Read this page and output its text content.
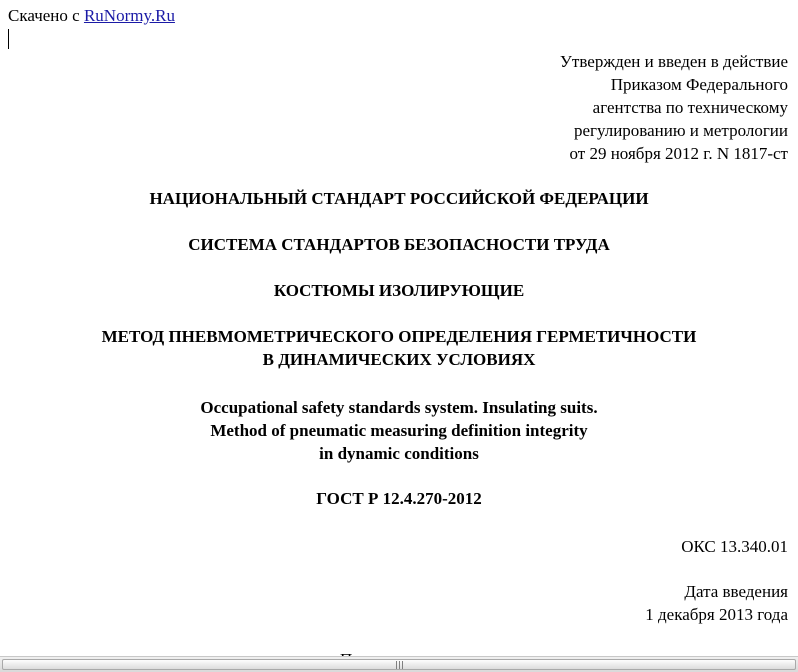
Скачено с RuNormy.Ru
Утвержден и введен в действие
Приказом Федерального
агентства по техническому
регулированию и метрологии
от 29 ноября 2012 г. N 1817-ст
НАЦИОНАЛЬНЫЙ СТАНДАРТ РОССИЙСКОЙ ФЕДЕРАЦИИ
СИСТЕМА СТАНДАРТОВ БЕЗОПАСНОСТИ ТРУДА
КОСТЮМЫ ИЗОЛИРУЮЩИЕ
МЕТОД ПНЕВМОМЕТРИЧЕСКОГО ОПРЕДЕЛЕНИЯ ГЕРМЕТИЧНОСТИ
В ДИНАМИЧЕСКИХ УСЛОВИЯХ
Occupational safety standards system. Insulating suits.
Method of pneumatic measuring definition integrity
in dynamic conditions
ГОСТ Р 12.4.270-2012
ОКС 13.340.01
Дата введения
1 декабря 2013 года
